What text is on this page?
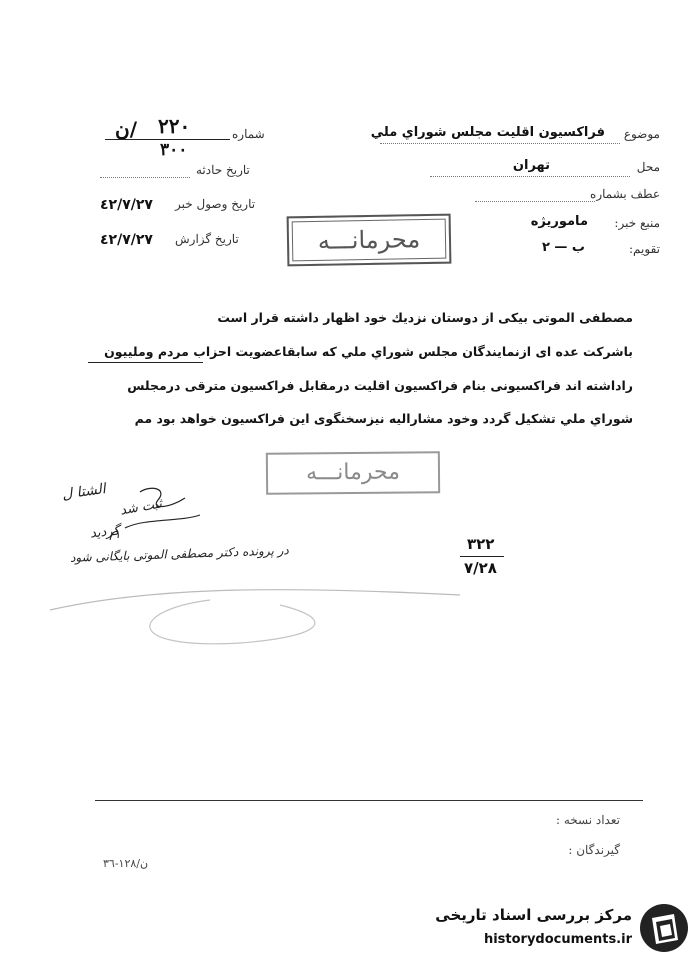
موضوع
فراكسيون اقليت مجلس شوراي ملي
محل
تهران
عطف بشماره
منبع خبر:
ماموريژه
تقويم:
ب — ٢
شماره
ن/ ٢٢٠
٣٠٠
تاريخ حادثه
تاريخ وصول خبر
٤٢/٧/٢٧
تاريخ گزارش
٤٢/٧/٢٧	محرمانـــه
مصطفى الموتى بيكى از دوستان نزديك خود اظهار داشته قرار است
باشركت عده اى ازنمايندگان مجلس شوراي ملي كه سابقاعضويت احزاب مردم وملييون
راداشته اند فراكسيونى بنام فراكسيون اقليت درمقابل فراكسيون مترقى درمجلس
شوراي ملي تشكيل گردد وخود مشاراليه نيزسخنگوى اين فراكسيون خواهد بود مم
محرمانـــه
الشتا ل
ثبت شد
گرديد
در پرونده دكتر مصطفى الموتى بايگانى شود	٣٢٢
٧/٢٨
تعداد نسخه :
گيرندگان :
ن/١٢٨-٣٦
مركز بررسى اسناد تاريخى
historydocuments.ir
